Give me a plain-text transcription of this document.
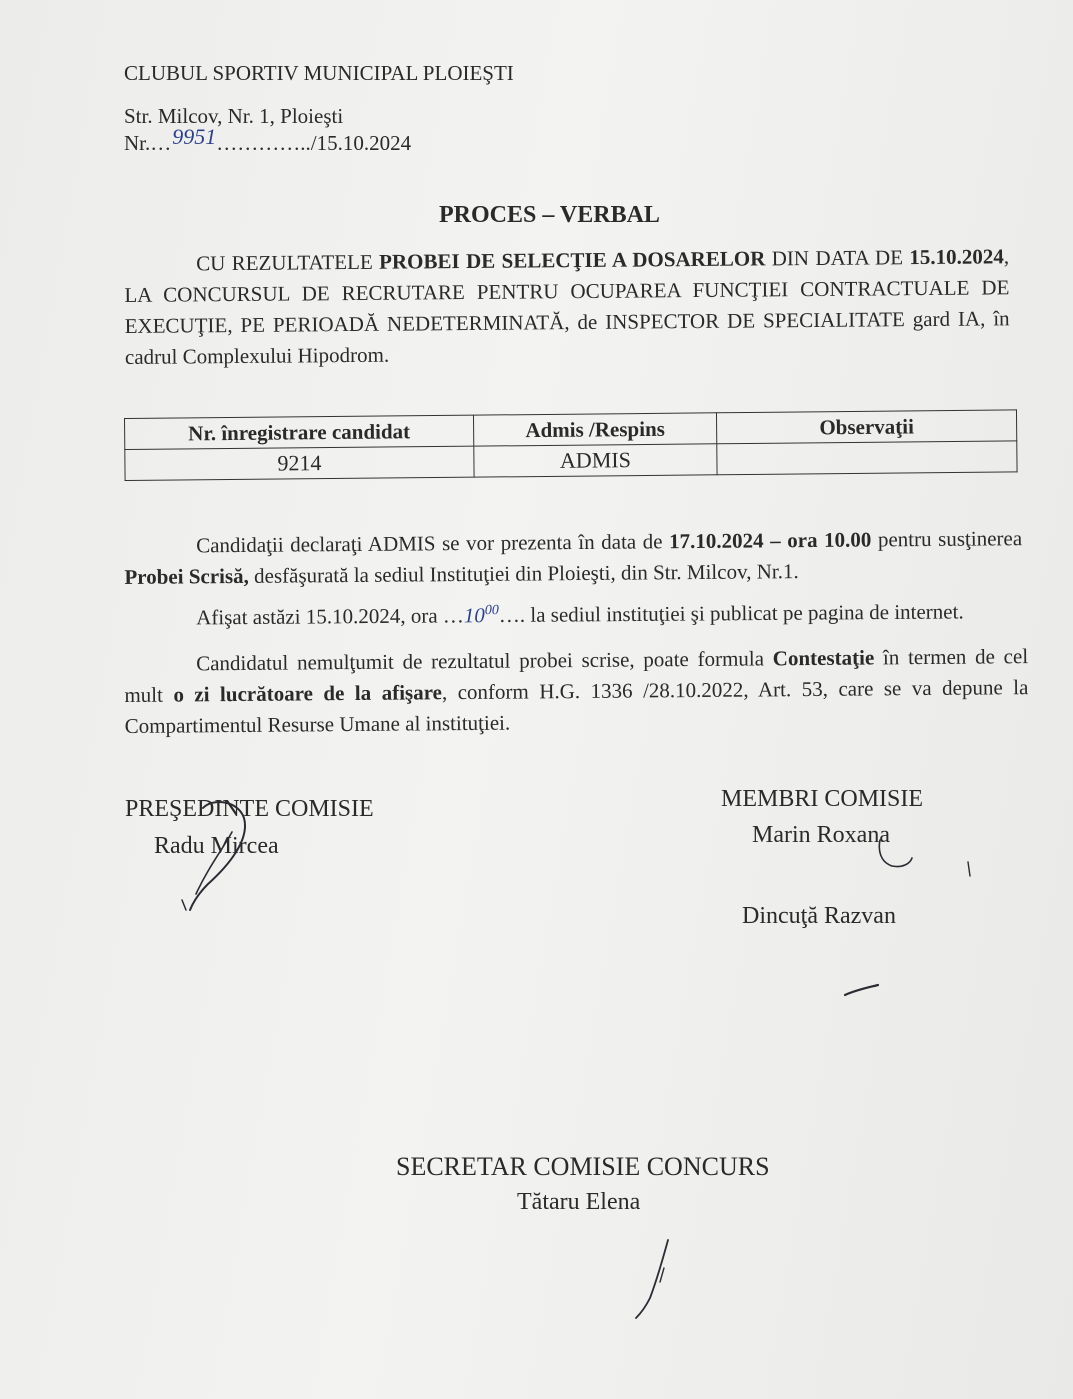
CLUBUL SPORTIV MUNICIPAL PLOIEŞTI
Str. Milcov, Nr. 1, Ploieşti
Nr.…9951…………../15.10.2024
PROCES – VERBAL
CU REZULTATELE PROBEI DE SELECŢIE A DOSARELOR DIN DATA DE 15.10.2024, LA CONCURSUL DE RECRUTARE PENTRU OCUPAREA FUNCŢIEI CONTRACTUALE DE EXECUŢIE, PE PERIOADĂ NEDETERMINATĂ, de INSPECTOR DE SPECIALITATE gard IA, în cadrul Complexului Hipodrom.
Nr. înregistrare candidat	Admis /Respins	Observaţii
9214	ADMIS	
Candidaţii declaraţi ADMIS se vor prezenta în data de 17.10.2024 – ora 10.00 pentru susţinerea Probei Scrisă, desfăşurată la sediul Instituţiei din Ploieşti, din Str. Milcov, Nr.1.
Afişat astăzi 15.10.2024, ora $\dots 10^{00}\dots$. la sediul instituţiei şi publicat pe pagina de internet.
Candidatul nemulţumit de rezultatul probei scrise, poate formula Contestaţie în termen de cel mult o zi lucrătoare de la afişare, conform H.G. 1336 /28.10.2022, Art. 53, care se va depune la Compartimentul Resurse Umane al instituţiei.
PREŞEDINTE COMISIE
Radu Mircea
MEMBRI COMISIE
Marin Roxana
Dincuţă Razvan
SECRETAR COMISIE CONCURS
Tătaru Elena
